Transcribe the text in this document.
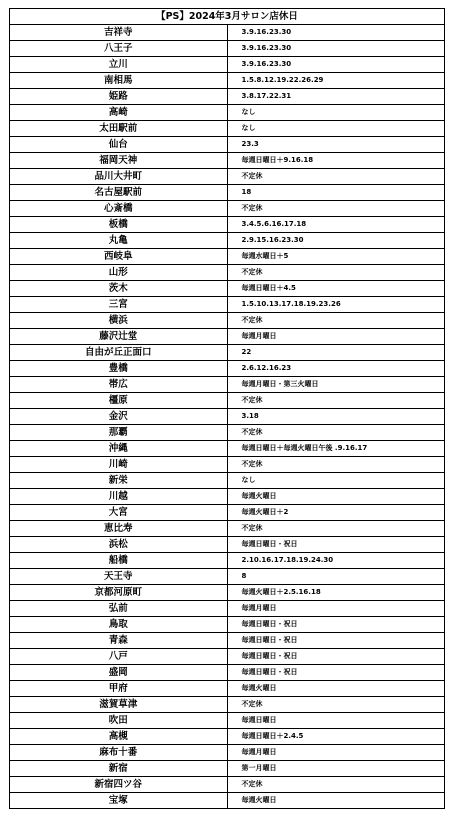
【PS】2024年3月サロン店休日	
吉祥寺	3.9.16.23.30
八王子	3.9.16.23.30
立川	3.9.16.23.30
南相馬	1.5.8.12.19.22.26.29
姫路	3.8.17.22.31
高崎	なし
太田駅前	なし
仙台	23.3
福岡天神	毎週日曜日＋9.16.18
品川大井町	不定休
名古屋駅前	18
心斎橋	不定休
板橋	3.4.5.6.16.17.18
丸亀	2.9.15.16.23.30
西岐阜	毎週水曜日＋5
山形	不定休
茨木	毎週日曜日＋4.5
三宮	1.5.10.13.17.18.19.23.26
横浜	不定休
藤沢辻堂	毎週月曜日
自由が丘正面口	22
豊橋	2.6.12.16.23
帯広	毎週月曜日・第三火曜日
橿原	不定休
金沢	3.18
那覇	不定休
沖縄	毎週日曜日＋毎週火曜日午後 .9.16.17
川崎	不定休
新栄	なし
川越	毎週火曜日
大宮	毎週火曜日＋2
恵比寿	不定休
浜松	毎週日曜日・祝日
船橋	2.10.16.17.18.19.24.30
天王寺	8
京都河原町	毎週火曜日＋2.5.16.18
弘前	毎週月曜日
鳥取	毎週日曜日・祝日
青森	毎週日曜日・祝日
八戸	毎週日曜日・祝日
盛岡	毎週日曜日・祝日
甲府	毎週火曜日
滋賀草津	不定休
吹田	毎週日曜日
高槻	毎週日曜日＋2.4.5
麻布十番	毎週月曜日
新宿	第一月曜日
新宿四ツ谷	不定休
宝塚	毎週火曜日
